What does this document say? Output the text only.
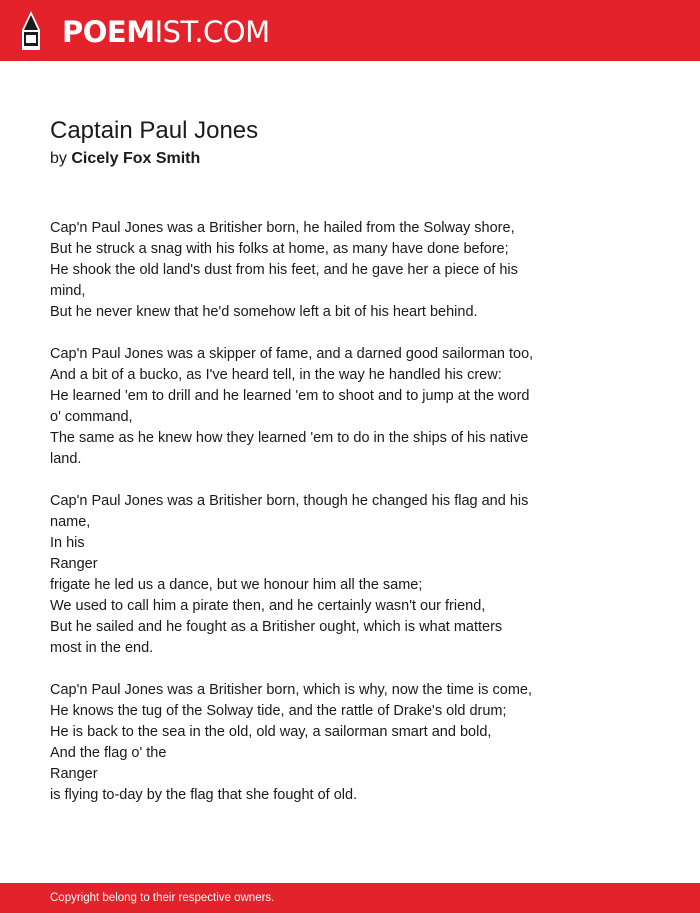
POEMIST.COM
Captain Paul Jones
by Cicely Fox Smith
Cap'n Paul Jones was a Britisher born, he hailed from the Solway shore,
But he struck a snag with his folks at home, as many have done before;
He shook the old land's dust from his feet, and he gave her a piece of his
mind,
But he never knew that he'd somehow left a bit of his heart behind.
Cap'n Paul Jones was a skipper of fame, and a darned good sailorman too,
And a bit of a bucko, as I've heard tell, in the way he handled his crew:
He learned 'em to drill and he learned 'em to shoot and to jump at the word
o' command,
The same as he knew how they learned 'em to do in the ships of his native
land.
Cap'n Paul Jones was a Britisher born, though he changed his flag and his
name,
In his
Ranger
frigate he led us a dance, but we honour him all the same;
We used to call him a pirate then, and he certainly wasn't our friend,
But he sailed and he fought as a Britisher ought, which is what matters
most in the end.
Cap'n Paul Jones was a Britisher born, which is why, now the time is come,
He knows the tug of the Solway tide, and the rattle of Drake's old drum;
He is back to the sea in the old, old way, a sailorman smart and bold,
And the flag o' the
Ranger
is flying to-day by the flag that she fought of old.
Copyright belong to their respective owners.
